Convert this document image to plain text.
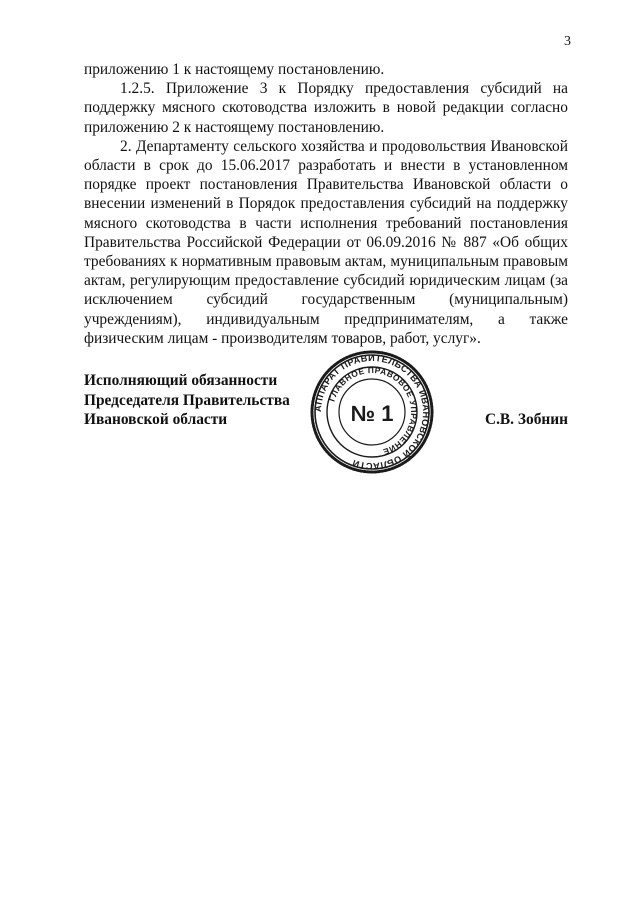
3

приложению 1 к настоящему постановлению.

1.2.5. Приложение 3 к Порядку предоставления субсидий на поддержку мясного скотоводства изложить в новой редакции согласно приложению 2 к настоящему постановлению.

2. Департаменту сельского хозяйства и продовольствия Ивановской области в срок до 15.06.2017 разработать и внести в установленном порядке проект постановления Правительства Ивановской области о внесении изменений в Порядок предоставления субсидий на поддержку мясного скотоводства в части исполнения требований постановления Правительства Российской Федерации от 06.09.2016 № 887 «Об общих требованиях к нормативным правовым актам, муниципальным правовым актам, регулирующим предоставление субсидий юридическим лицам (за исключением субсидий государственным (муниципальным) учреждениям), индивидуальным предпринимателям, а также физическим лицам - производителям товаров, работ, услуг».

Исполняющий обязанности
Председателя Правительства
Ивановской области
АППАРАТ ПРАВИТЕЛЬСТВА ИВАНОВСКОЙ ОБЛАСТИ
ГЛАВНОЕ ПРАВОВОЕ УПРАВЛЕНИЕ
№ 1	С.В. Зобнин
